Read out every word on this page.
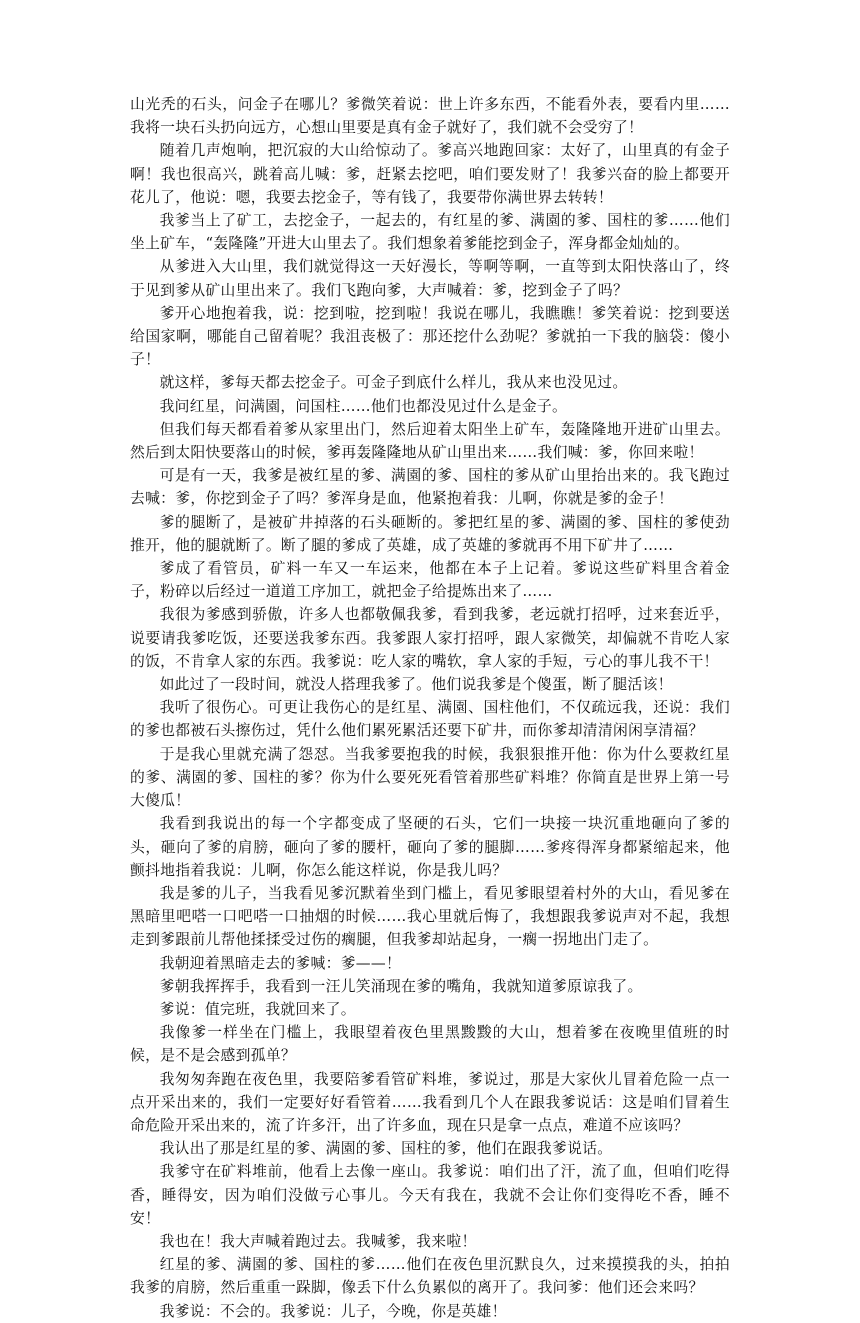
山光秃的石头，问金子在哪儿？爹微笑着说：世上许多东西，不能看外表，要看内里……我将一块石头扔向远方，心想山里要是真有金子就好了，我们就不会受穷了！

随着几声炮响，把沉寂的大山给惊动了。爹高兴地跑回家：太好了，山里真的有金子啊！我也很高兴，跳着高儿喊：爹，赶紧去挖吧，咱们要发财了！我爹兴奋的脸上都要开花儿了，他说：嗯，我要去挖金子，等有钱了，我要带你满世界去转转！

我爹当上了矿工，去挖金子，一起去的，有红星的爹、满園的爹、国柱的爹……他们坐上矿车，“轰隆隆”开进大山里去了。我们想象着爹能挖到金子，浑身都金灿灿的。

从爹进入大山里，我们就觉得这一天好漫长，等啊等啊，一直等到太阳快落山了，终于见到爹从矿山里出来了。我们飞跑向爹，大声喊着：爹，挖到金子了吗？

爹开心地抱着我，说：挖到啦，挖到啦！我说在哪儿，我瞧瞧！爹笑着说：挖到要送给国家啊，哪能自己留着呢？我沮丧极了：那还挖什么劲呢？爹就拍一下我的脑袋：傻小子！

就这样，爹每天都去挖金子。可金子到底什么样儿，我从来也没见过。

我问红星，问满園，问国柱……他们也都没见过什么是金子。

但我们每天都看着爹从家里出门，然后迎着太阳坐上矿车，轰隆隆地开进矿山里去。然后到太阳快要落山的时候，爹再轰隆隆地从矿山里出来……我们喊：爹，你回来啦！

可是有一天，我爹是被红星的爹、满園的爹、国柱的爹从矿山里抬出来的。我飞跑过去喊：爹，你挖到金子了吗？爹浑身是血，他紧抱着我：儿啊，你就是爹的金子！

爹的腿断了，是被矿井掉落的石头砸断的。爹把红星的爹、满園的爹、国柱的爹使劲推开，他的腿就断了。断了腿的爹成了英雄，成了英雄的爹就再不用下矿井了……

爹成了看管员，矿料一车又一车运来，他都在本子上记着。爹说这些矿料里含着金子，粉碎以后经过一道道工序加工，就把金子给提炼出来了……

我很为爹感到骄傲，许多人也都敬佩我爹，看到我爹，老远就打招呼，过来套近乎，说要请我爹吃饭，还要送我爹东西。我爹跟人家打招呼，跟人家微笑，却偏就不肯吃人家的饭，不肯拿人家的东西。我爹说：吃人家的嘴软，拿人家的手短，亏心的事儿我不干！

如此过了一段时间，就没人搭理我爹了。他们说我爹是个傻蛋，断了腿活该！

我听了很伤心。可更让我伤心的是红星、满園、国柱他们，不仅疏远我，还说：我们的爹也都被石头擦伤过，凭什么他们累死累活还要下矿井，而你爹却清清闲闲享清福？

于是我心里就充满了怨怼。当我爹要抱我的时候，我狠狠推开他：你为什么要救红星的爹、满園的爹、国柱的爹？你为什么要死死看管着那些矿料堆？你简直是世界上第一号大傻瓜！

我看到我说出的每一个字都变成了坚硬的石头，它们一块接一块沉重地砸向了爹的头，砸向了爹的肩膀，砸向了爹的腰杆，砸向了爹的腿脚……爹疼得浑身都紧缩起来，他颤抖地指着我说：儿啊，你怎么能这样说，你是我儿吗？

我是爹的儿子，当我看见爹沉默着坐到门槛上，看见爹眼望着村外的大山，看见爹在黑暗里吧嗒一口吧嗒一口抽烟的时候……我心里就后悔了，我想跟我爹说声对不起，我想走到爹跟前儿帮他揉揉受过伤的瘸腿，但我爹却站起身，一瘸一拐地出门走了。

我朝迎着黑暗走去的爹喊：爹——！

爹朝我挥挥手，我看到一汪儿笑涌现在爹的嘴角，我就知道爹原谅我了。

爹说：值完班，我就回来了。

我像爹一样坐在门槛上，我眼望着夜色里黑黢黢的大山，想着爹在夜晚里值班的时候，是不是会感到孤单？

我匆匆奔跑在夜色里，我要陪爹看管矿料堆，爹说过，那是大家伙儿冒着危险一点一点开采出来的，我们一定要好好看管着……我看到几个人在跟我爹说话：这是咱们冒着生命危险开采出来的，流了许多汗，出了许多血，现在只是拿一点点，难道不应该吗？

我认出了那是红星的爹、满園的爹、国柱的爹，他们在跟我爹说话。

我爹守在矿料堆前，他看上去像一座山。我爹说：咱们出了汗，流了血，但咱们吃得香，睡得安，因为咱们没做亏心事儿。今天有我在，我就不会让你们变得吃不香，睡不安！

我也在！我大声喊着跑过去。我喊爹，我来啦！

红星的爹、满園的爹、国柱的爹……他们在夜色里沉默良久，过来摸摸我的头，拍拍我爹的肩膀，然后重重一跺脚，像丢下什么负累似的离开了。我问爹：他们还会来吗？

我爹说：不会的。我爹说：儿子，今晚，你是英雄！
